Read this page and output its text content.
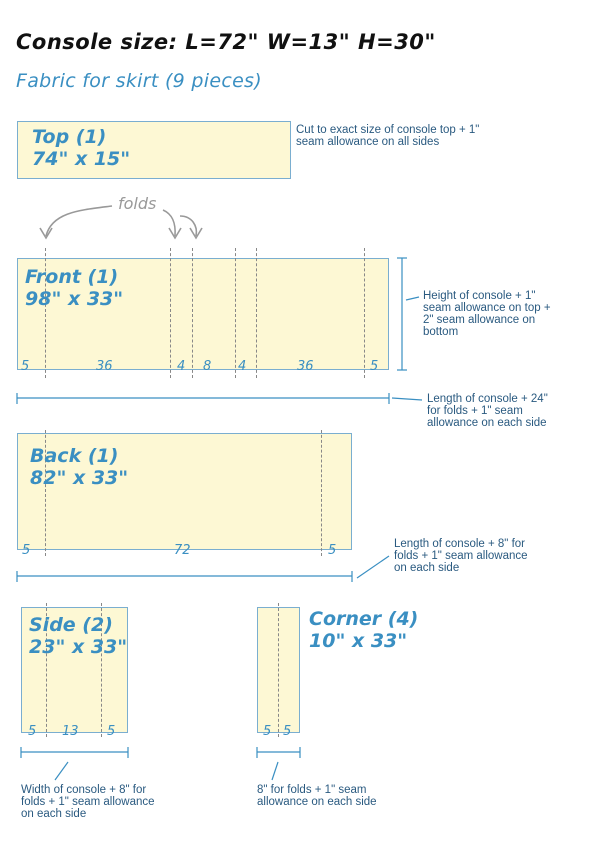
Console size: L=72" W=13" H=30"
Fabric for skirt (9 pieces)
Top (1)
74" x 15"
Cut to exact size of console top + 1" seam allowance on all sides
folds
Front (1)
98" x 33"
5	36	4 8 4	36	5
Height of console + 1" seam allowance on top + 2" seam allowance on bottom
Length of console + 24" for folds + 1" seam allowance on each side
Back (1)
82" x 33"
5	72	5	Length of console + 8" for folds + 1" seam allowance on each side
Side (2)
23" x 33"
5 13 5
Width of console + 8" for folds + 1" seam allowance on each side
Corner (4)
10" x 33"
5 5
8" for folds + 1" seam allowance on each side
